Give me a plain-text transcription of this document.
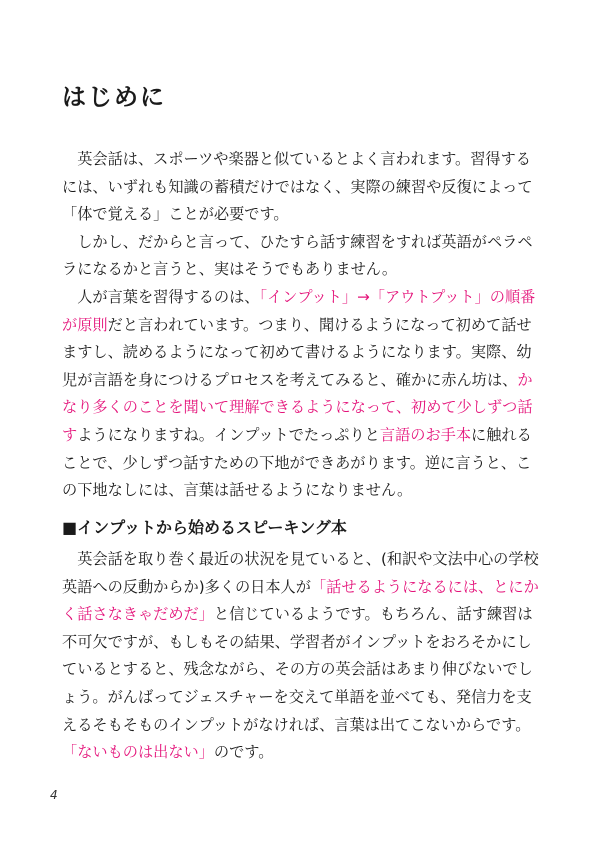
はじめに

英会話は、スポーツや楽器と似ているとよく言われます。習得するには、いずれも知識の蓄積だけではなく、実際の練習や反復によって「体で覚える」ことが必要です。

しかし、だからと言って、ひたすら話す練習をすれば英語がペラペラになるかと言うと、実はそうでもありません。

人が言葉を習得するのは、「インプット」→「アウトプット」の順番が原則だと言われています。つまり、聞けるようになって初めて話せますし、読めるようになって初めて書けるようになります。実際、幼児が言語を身につけるプロセスを考えてみると、確かに赤ん坊は、かなり多くのことを聞いて理解できるようになって、初めて少しずつ話すようになりますね。インプットでたっぷりと言語のお手本に触れることで、少しずつ話すための下地ができあがります。逆に言うと、この下地なしには、言葉は話せるようになりません。

■インプットから始めるスピーキング本

英会話を取り巻く最近の状況を見ていると、(和訳や文法中心の学校英語への反動からか)多くの日本人が「話せるようになるには、とにかく話さなきゃだめだ」と信じているようです。もちろん、話す練習は不可欠ですが、もしもその結果、学習者がインプットをおろそかにしているとすると、残念ながら、その方の英会話はあまり伸びないでしょう。がんばってジェスチャーを交えて単語を並べても、発信力を支えるそもそものインプットがなければ、言葉は出てこないからです。「ないものは出ない」のです。

4
